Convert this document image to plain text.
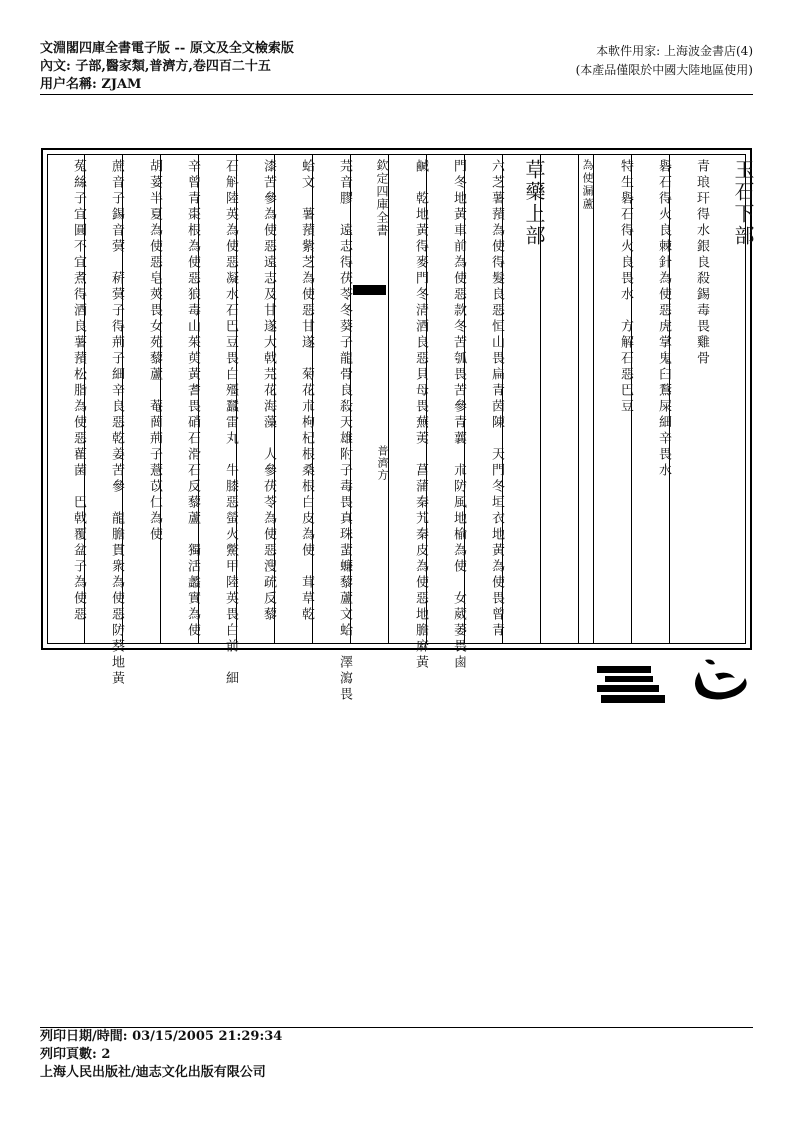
文淵閣四庫全書電子版 -- 原文及全文檢索版
內文: 子部,醫家類,普濟方,卷四百二十五
用户名稱: ZJAM
本軟件用家: 上海波金書店(4)
(本產品僅限於中國大陸地區使用)
玉石下部
青琅玕得水銀良殺錫毒畏雞骨
礜石得火良棘針為使惡虎掌鬼臼鶩屎細辛畏水
特生礜石得火良畏水　方解石惡巴豆
為使漏蘆
草藥上部
六芝薯蕷為使得髮良惡恒山畏扁青茵陳　天門冬垣衣地黃為使畏曾青
門冬地黃車前為使惡款冬苦瓠畏苦參青蘘　朮防風地榆為使　女葳萎畏鹵
鹹　乾地黃得麥門冬清酒良惡貝母畏蕪荑　菖蒲秦艽秦皮為使惡地膽麻黃
欽定四庫全書
普濟方
芫音膠　遠志得茯苓冬葵子龍骨良殺天雄附子毒畏真珠蜚蠊藜蘆文蛤　澤瀉畏
蛤文　薯蕷紫芝為使惡甘遂　菊花朮枸杞根桑根白皮為使　茸草乾
漆苦參為使惡遠志及甘遂大戟芫花海藻　人參茯苓為使惡溲疏反藜
石斛陸英為使惡凝水石巴豆畏白殭蠶雷丸　牛膝惡螢火鱉甲陸英畏白前　細
辛曾青棗根為使惡狼毒山茱萸黃耆畏硝石滑石反藜蘆　獨活蠡實為使
胡荽半夏為使惡皂莢畏女苑藜蘆　菴蕳荊子薏苡仁為使
蔗音子錫音蓂　菥蓂子得荊子細辛良惡乾姜苦參　龍膽貫衆為使惡防葵地黃
菟絲子宜圓不宜煮得酒良薯蕷松脂為使惡雚菌　巴戟覆盆子為使惡
列印日期/時間: 03/15/2005 21:29:34
列印頁數: 2
上海人民出版社/迪志文化出版有限公司
